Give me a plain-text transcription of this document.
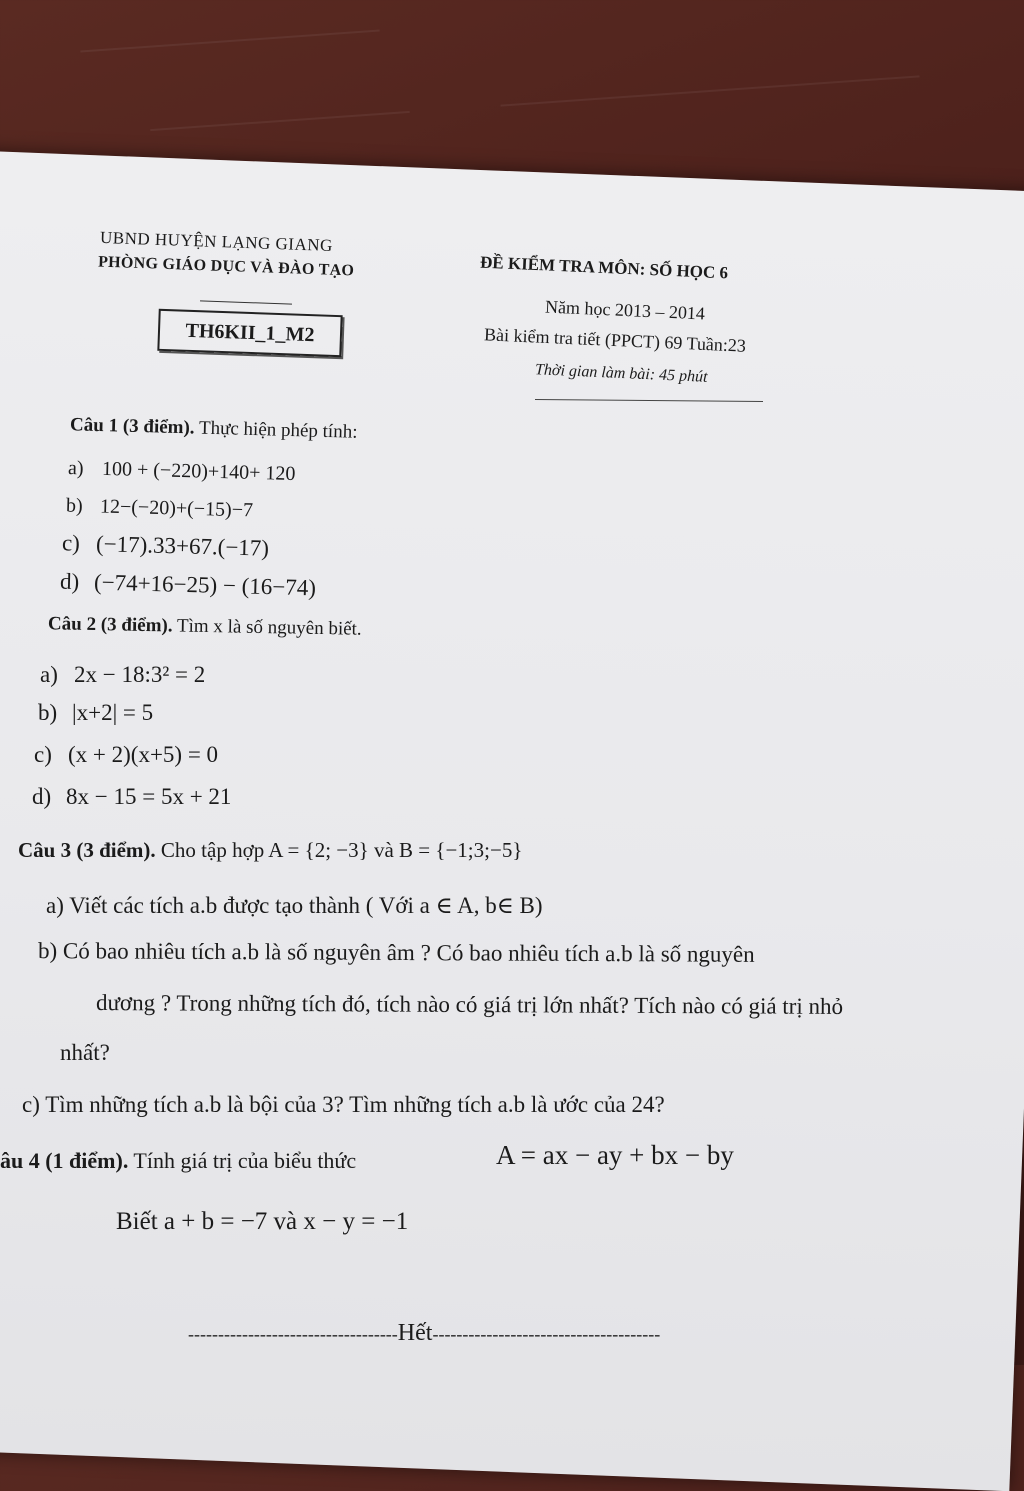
UBND HUYỆN LẠNG GIANG
PHÒNG GIÁO DỤC VÀ ĐÀO TẠO
TH6KII_1_M2
ĐỀ KIỂM TRA MÔN: SỐ HỌC 6
Năm học 2013 – 2014
Bài kiểm tra tiết (PPCT) 69 Tuần:23
Thời gian làm bài: 45 phút
Câu 1 (3 điểm). Thực hiện phép tính:
a) 100 + (−220)+140+ 120
b) 12−(−20)+(−15)−7
c) (−17).33+67.(−17)
d) (−74+16−25) − (16−74)
Câu 2 (3 điểm). Tìm x là số nguyên biết.
a) 2x − 18:3² = 2
b) |x+2| = 5
c) (x + 2)(x+5) = 0
d) 8x − 15 = 5x + 21
Câu 3 (3 điểm). Cho tập hợp A = {2; −3} và B = {−1;3;−5}
a) Viết các tích a.b được tạo thành ( Với a ∈ A, b∈ B)
b) Có bao nhiêu tích a.b là số nguyên âm ? Có bao nhiêu tích a.b là số nguyên
dương ? Trong những tích đó, tích nào có giá trị lớn nhất? Tích nào có giá trị nhỏ
nhất?
c) Tìm những tích a.b là bội của 3? Tìm những tích a.b là ước của 24?
âu 4 (1 điểm). Tính giá trị của biểu thức	A = ax − ay + bx − by
Biết a + b = −7 và x − y = −1
-----------------------------------Hết--------------------------------------
